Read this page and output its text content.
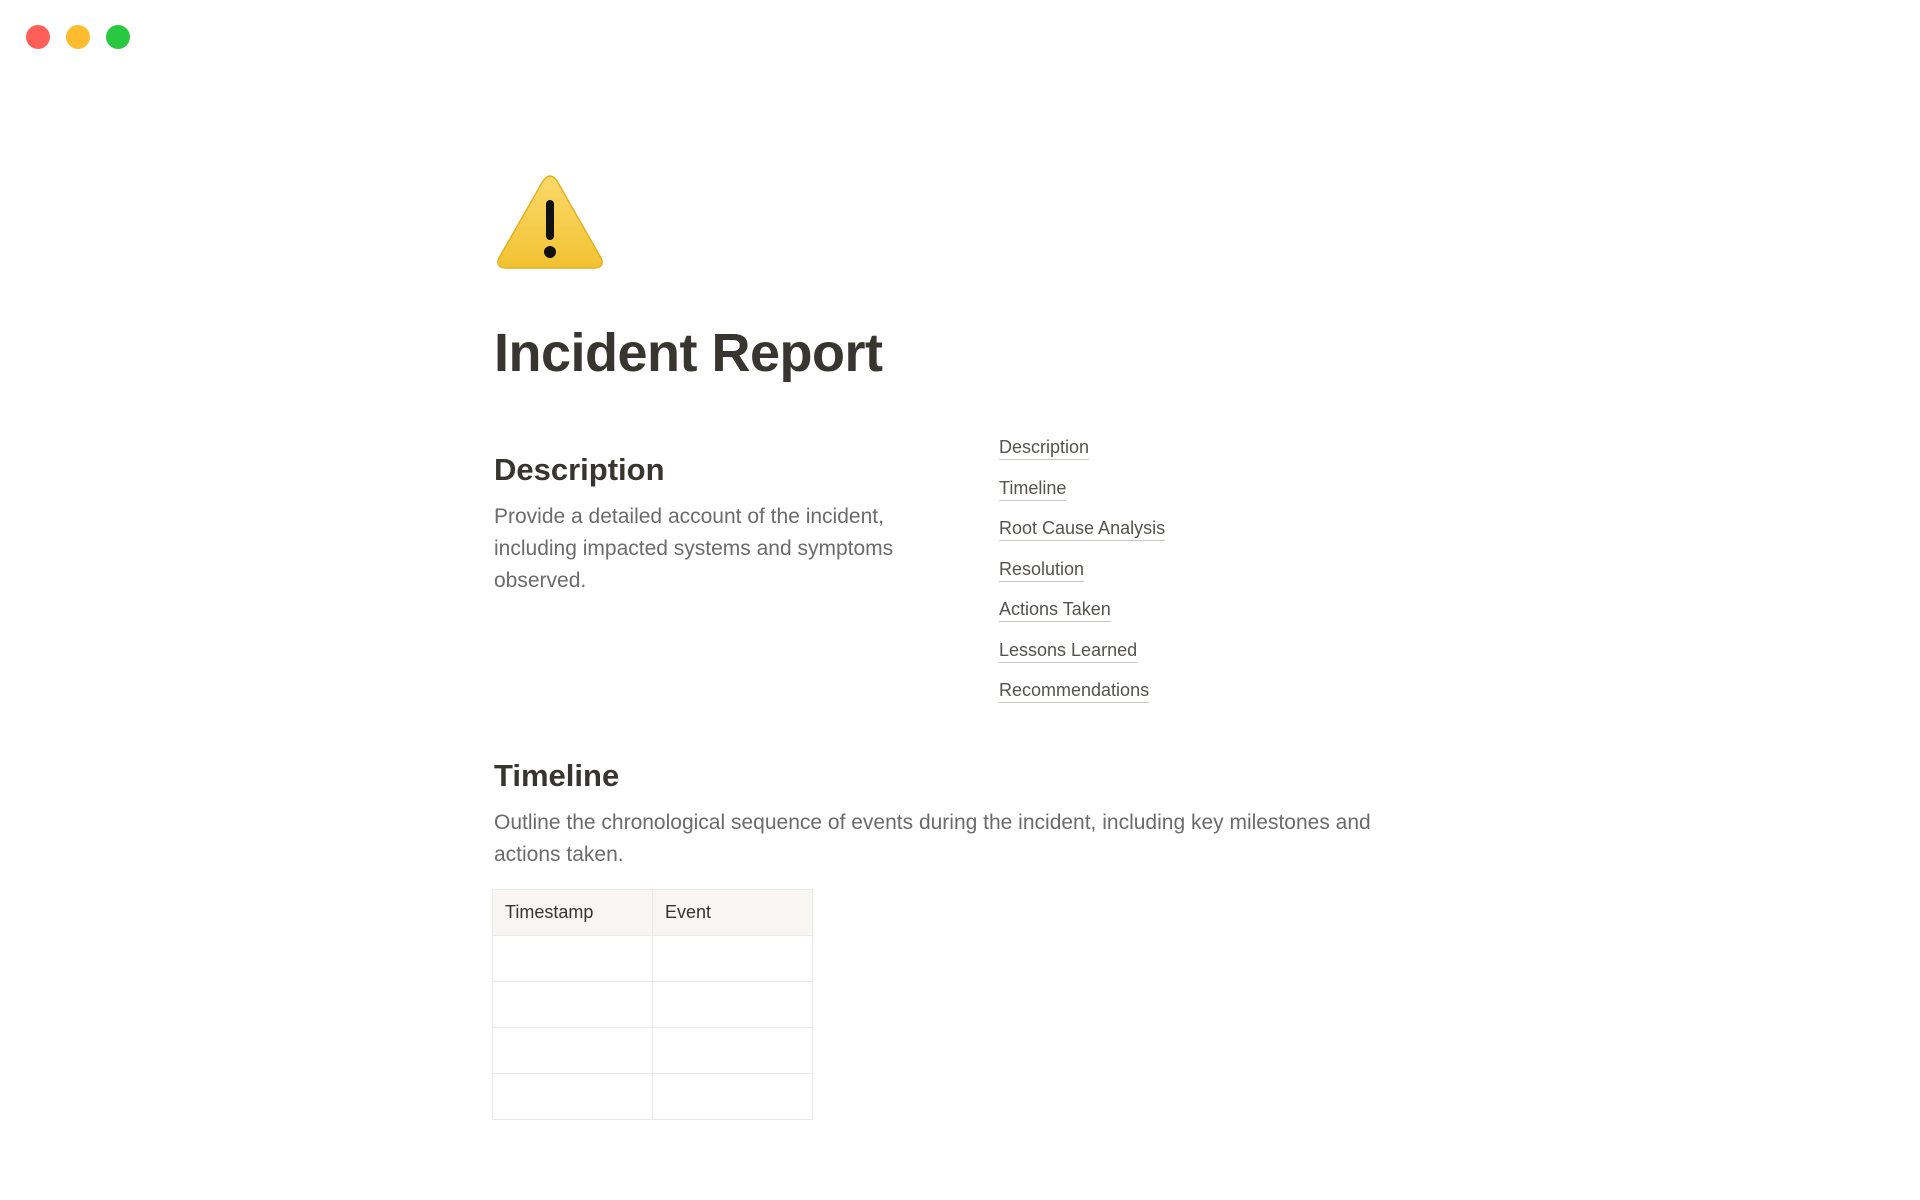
Incident Report
Description

Provide a detailed account of the incident, including impacted systems and symptoms observed.

Description
Timeline
Root Cause Analysis
Resolution
Actions Taken
Lessons Learned
Recommendations
Timeline

Outline the chronological sequence of events during the incident, including key milestones and actions taken.

Timestamp	Event
